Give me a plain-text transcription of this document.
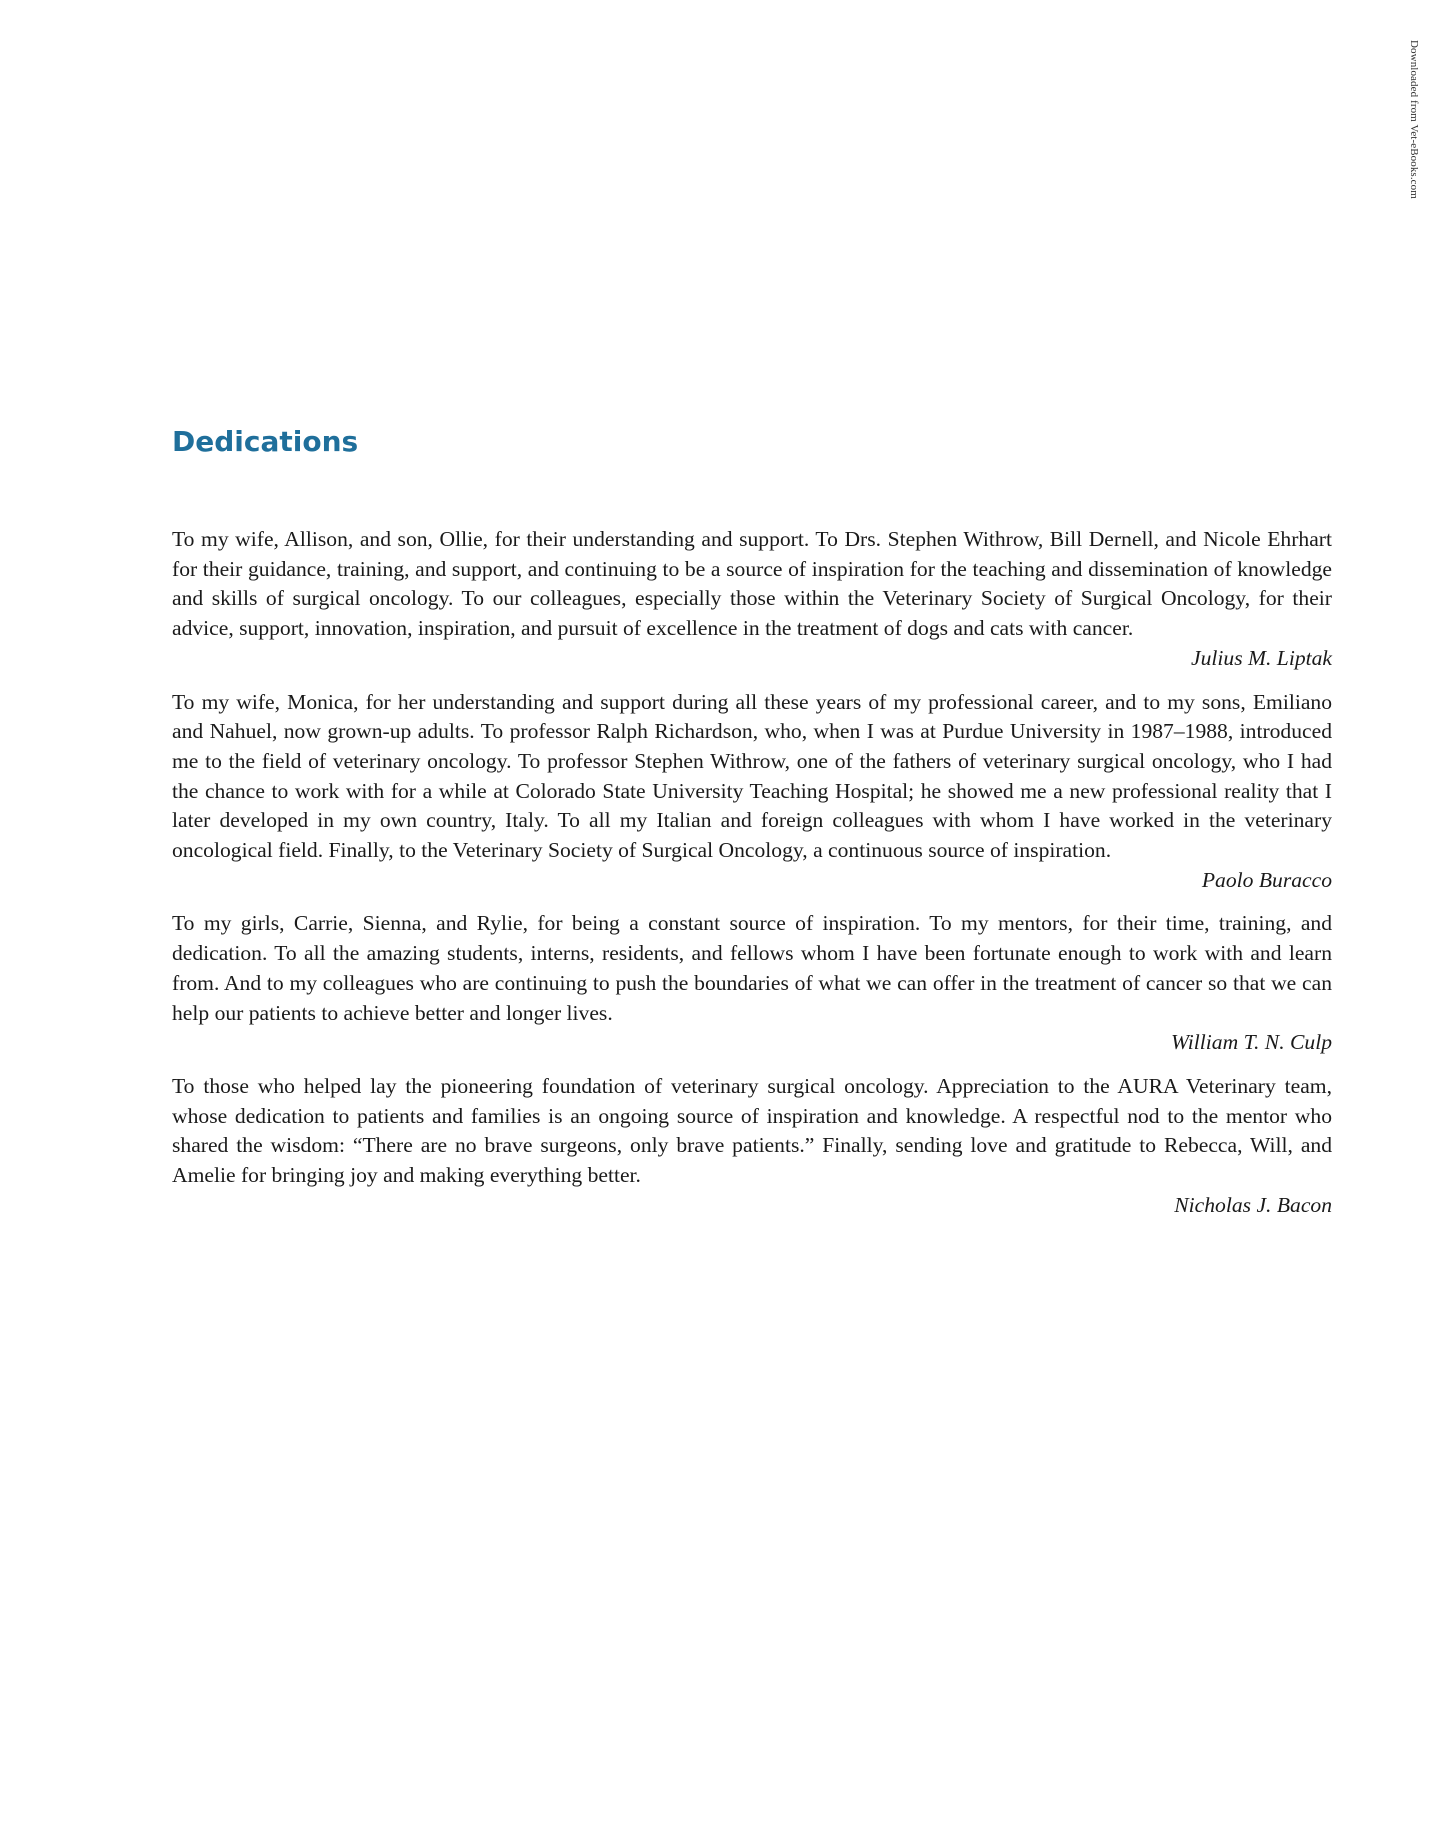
Downloaded from Vet-eBooks.com
Dedications

To my wife, Allison, and son, Ollie, for their understanding and support. To Drs. Stephen Withrow, Bill Dernell, and Nicole Ehrhart for their guidance, training, and support, and continuing to be a source of inspiration for the teaching and dissemination of knowledge and skills of surgical oncology. To our colleagues, especially those within the Veterinary Society of Surgical Oncology, for their advice, support, innovation, inspiration, and pursuit of excellence in the treatment of dogs and cats with cancer.

Julius M. Liptak

To my wife, Monica, for her understanding and support during all these years of my professional career, and to my sons, Emiliano and Nahuel, now grown-up adults. To professor Ralph Richardson, who, when I was at Purdue University in 1987–1988, introduced me to the field of veterinary oncology. To professor Stephen Withrow, one of the fathers of veterinary surgical oncology, who I had the chance to work with for a while at Colorado State University Teaching Hospital; he showed me a new professional reality that I later developed in my own country, Italy. To all my Italian and foreign colleagues with whom I have worked in the veterinary oncological field. Finally, to the Veterinary Society of Surgical Oncology, a continuous source of inspiration.

Paolo Buracco

To my girls, Carrie, Sienna, and Rylie, for being a constant source of inspiration. To my mentors, for their time, training, and dedication. To all the amazing students, interns, residents, and fellows whom I have been fortunate enough to work with and learn from. And to my colleagues who are continuing to push the boundaries of what we can offer in the treatment of cancer so that we can help our patients to achieve better and longer lives.

William T. N. Culp

To those who helped lay the pioneering foundation of veterinary surgical oncology. Appreciation to the AURA Veterinary team, whose dedication to patients and families is an ongoing source of inspiration and knowledge. A respectful nod to the mentor who shared the wisdom: “There are no brave surgeons, only brave patients.” Finally, sending love and gratitude to Rebecca, Will, and Amelie for bringing joy and making everything better.

Nicholas J. Bacon
